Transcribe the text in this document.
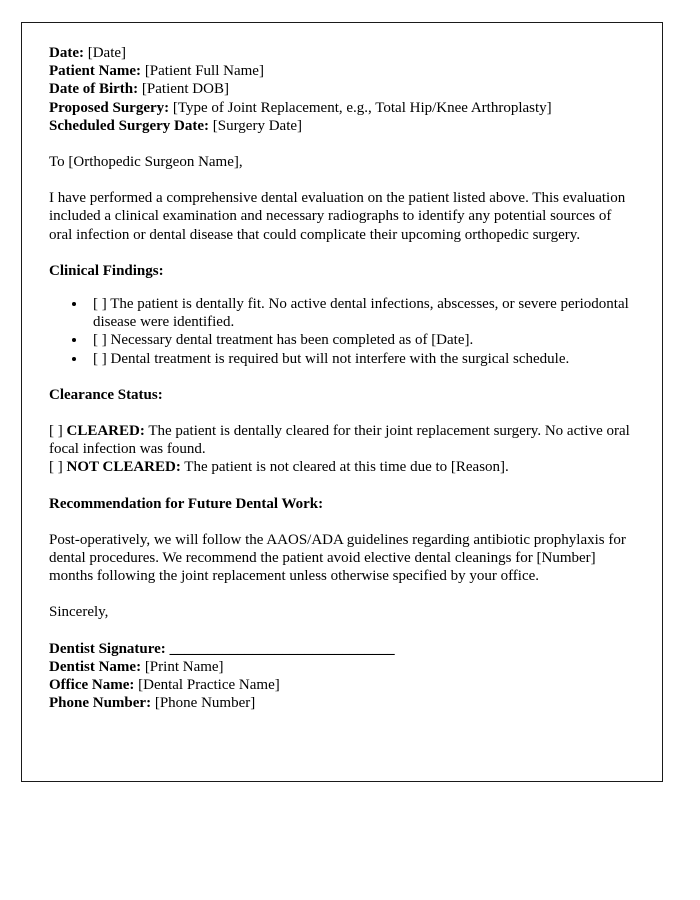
Date: [Date]

Patient Name: [Patient Full Name]

Date of Birth: [Patient DOB]

Proposed Surgery: [Type of Joint Replacement, e.g., Total Hip/Knee Arthroplasty]

Scheduled Surgery Date: [Surgery Date]

To [Orthopedic Surgeon Name],

I have performed a comprehensive dental evaluation on the patient listed above. This evaluation included a clinical examination and necessary radiographs to identify any potential sources of oral infection or dental disease that could complicate their upcoming orthopedic surgery.

Clinical Findings:

• [ ] The patient is dentally fit. No active dental infections, abscesses, or severe periodontal disease were identified.
• [ ] Necessary dental treatment has been completed as of [Date].
• [ ] Dental treatment is required but will not interfere with the surgical schedule.

Clearance Status:

[ ] CLEARED: The patient is dentally cleared for their joint replacement surgery. No active oral focal infection was found.

[ ] NOT CLEARED: The patient is not cleared at this time due to [Reason].

Recommendation for Future Dental Work:

Post-operatively, we will follow the AAOS/ADA guidelines regarding antibiotic prophylaxis for dental procedures. We recommend the patient avoid elective dental cleanings for [Number] months following the joint replacement unless otherwise specified by your office.

Sincerely,

Dentist Signature: ______________________________

Dentist Name: [Print Name]

Office Name: [Dental Practice Name]

Phone Number: [Phone Number]
